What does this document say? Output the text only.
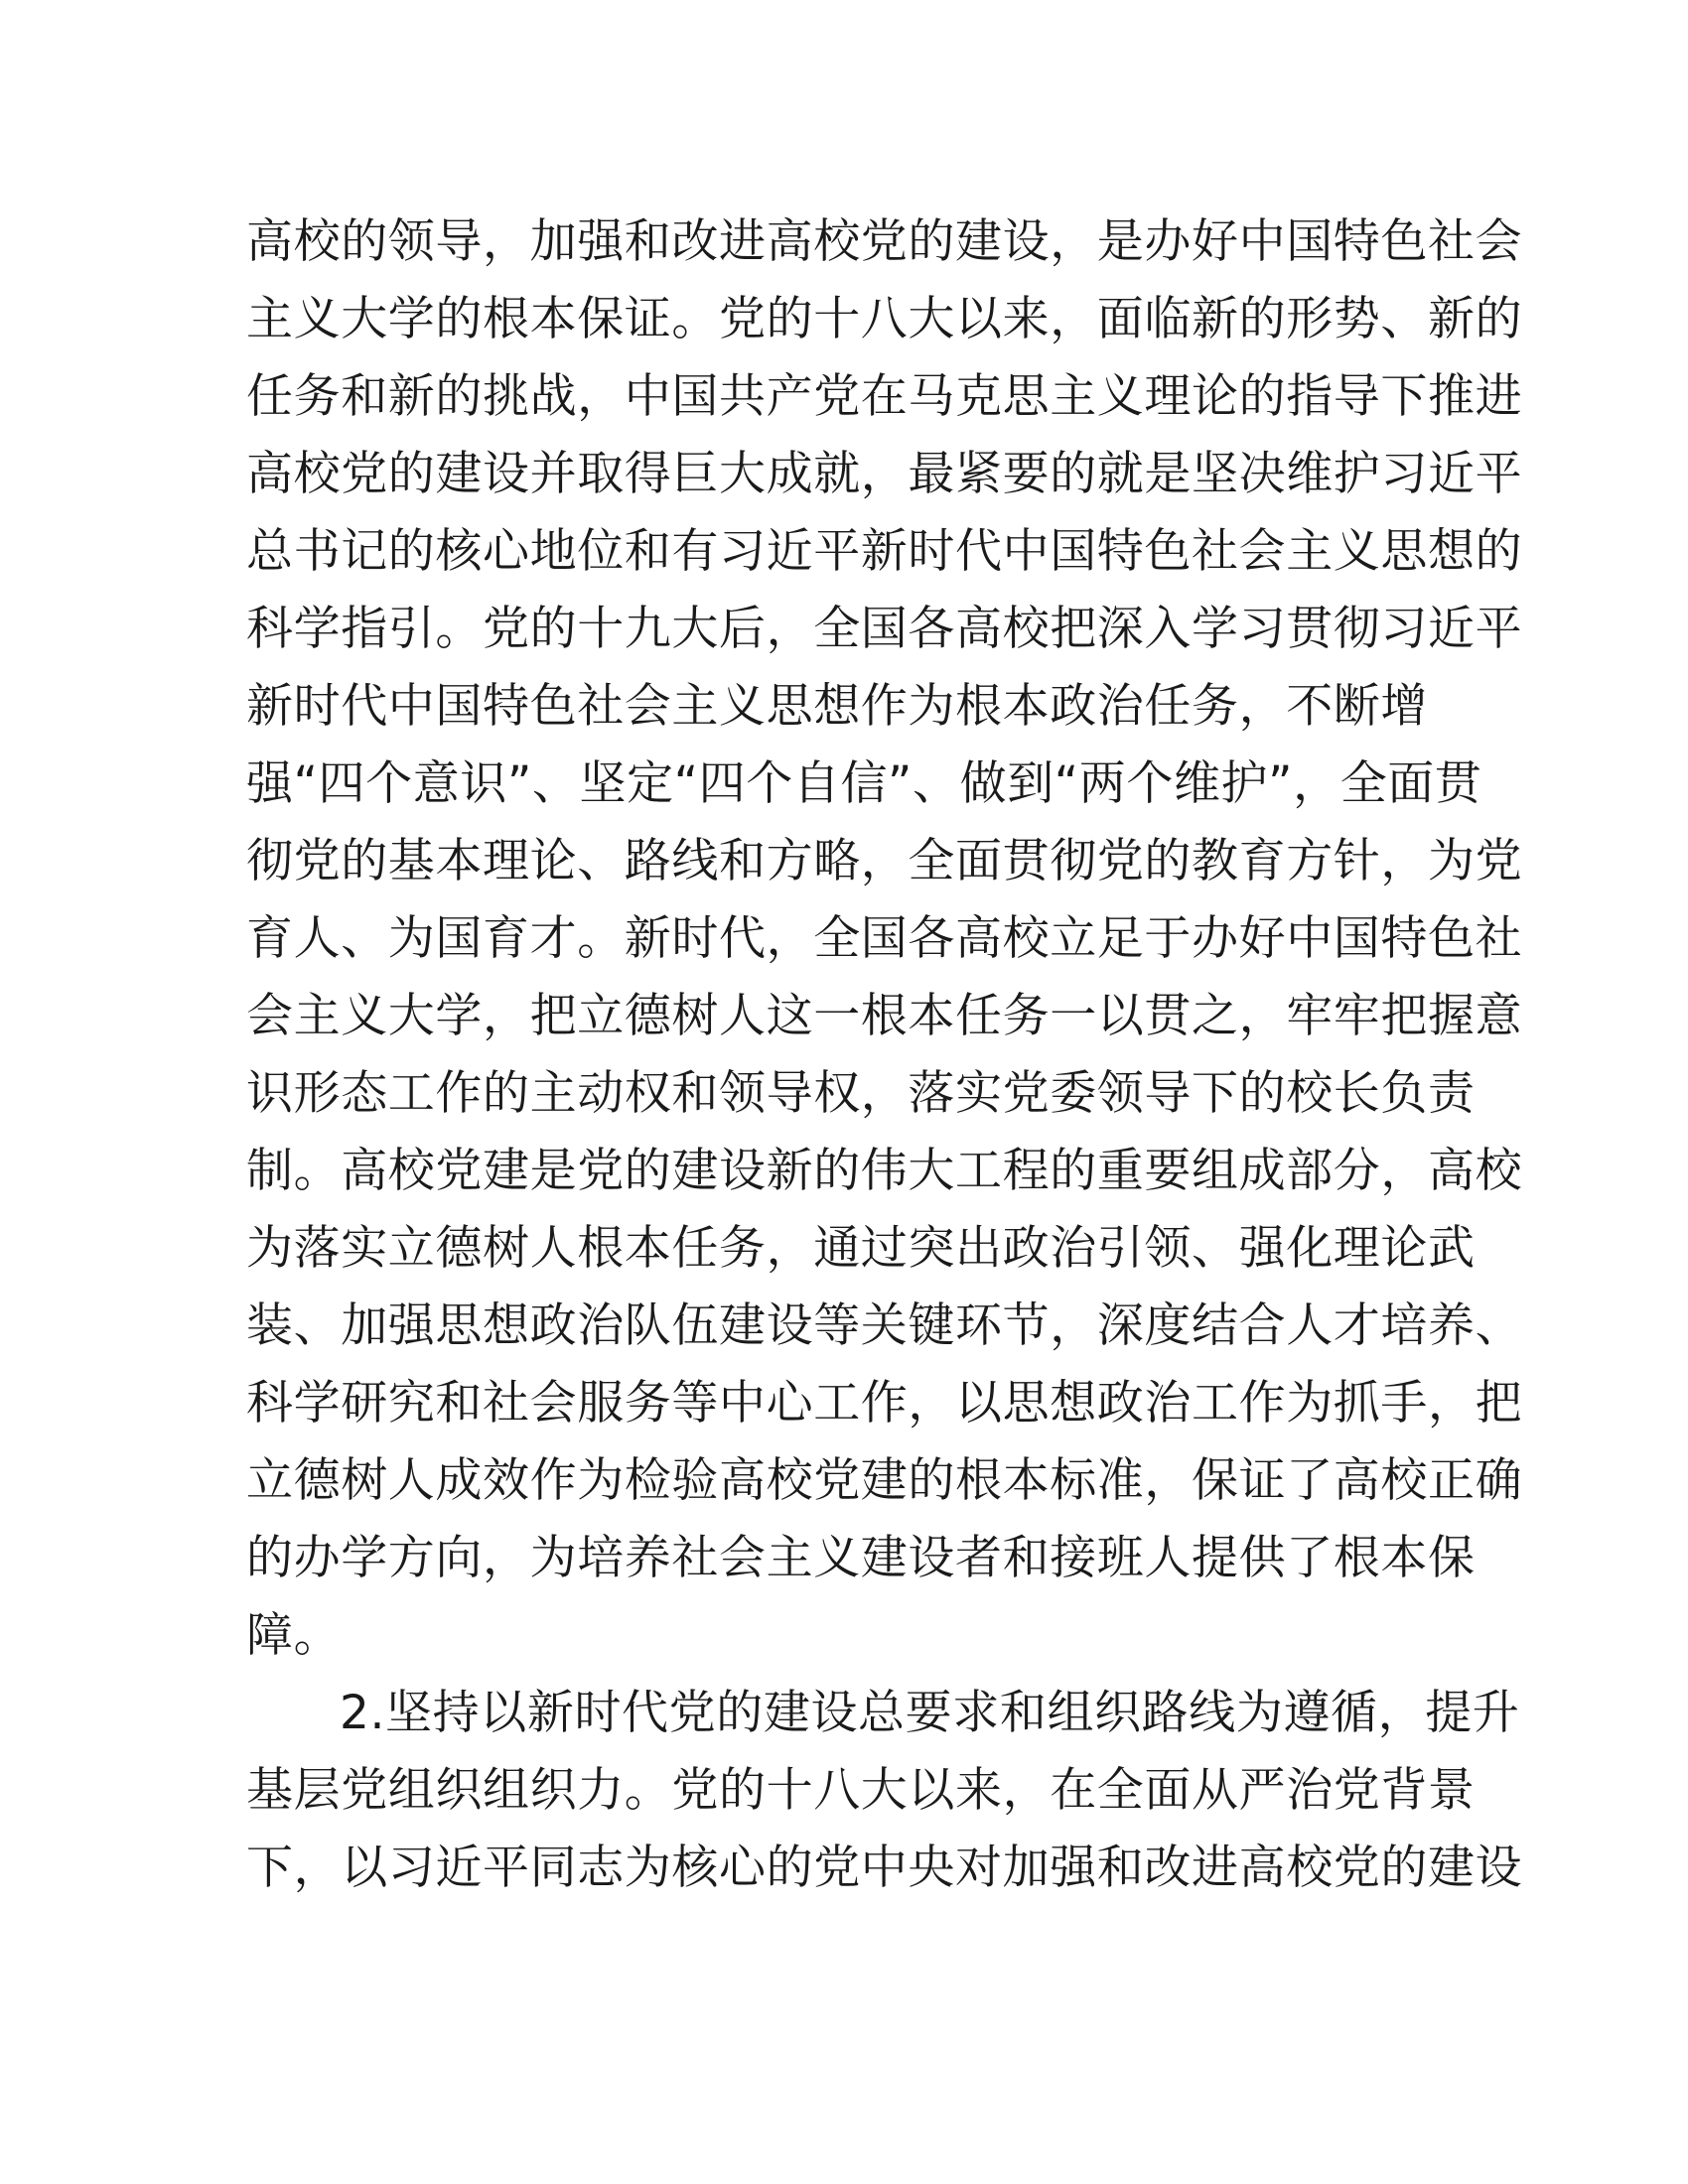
高校的领导，加强和改进高校党的建设，是办好中国特色社会
主义大学的根本保证。党的十八大以来，面临新的形势、新的
任务和新的挑战，中国共产党在马克思主义理论的指导下推进
高校党的建设并取得巨大成就，最紧要的就是坚决维护习近平
总书记的核心地位和有习近平新时代中国特色社会主义思想的
科学指引。党的十九大后，全国各高校把深入学习贯彻习近平
新时代中国特色社会主义思想作为根本政治任务，不断增
强“四个意识”、坚定“四个自信”、做到“两个维护”，全面贯
彻党的基本理论、路线和方略，全面贯彻党的教育方针，为党
育人、为国育才。新时代，全国各高校立足于办好中国特色社
会主义大学，把立德树人这一根本任务一以贯之，牢牢把握意
识形态工作的主动权和领导权，落实党委领导下的校长负责
制。高校党建是党的建设新的伟大工程的重要组成部分，高校
为落实立德树人根本任务，通过突出政治引领、强化理论武
装、加强思想政治队伍建设等关键环节，深度结合人才培养、
科学研究和社会服务等中心工作，以思想政治工作为抓手，把
立德树人成效作为检验高校党建的根本标准，保证了高校正确
的办学方向，为培养社会主义建设者和接班人提供了根本保
障。

2.坚持以新时代党的建设总要求和组织路线为遵循，提升
基层党组织组织力。党的十八大以来，在全面从严治党背景
下，以习近平同志为核心的党中央对加强和改进高校党的建设
